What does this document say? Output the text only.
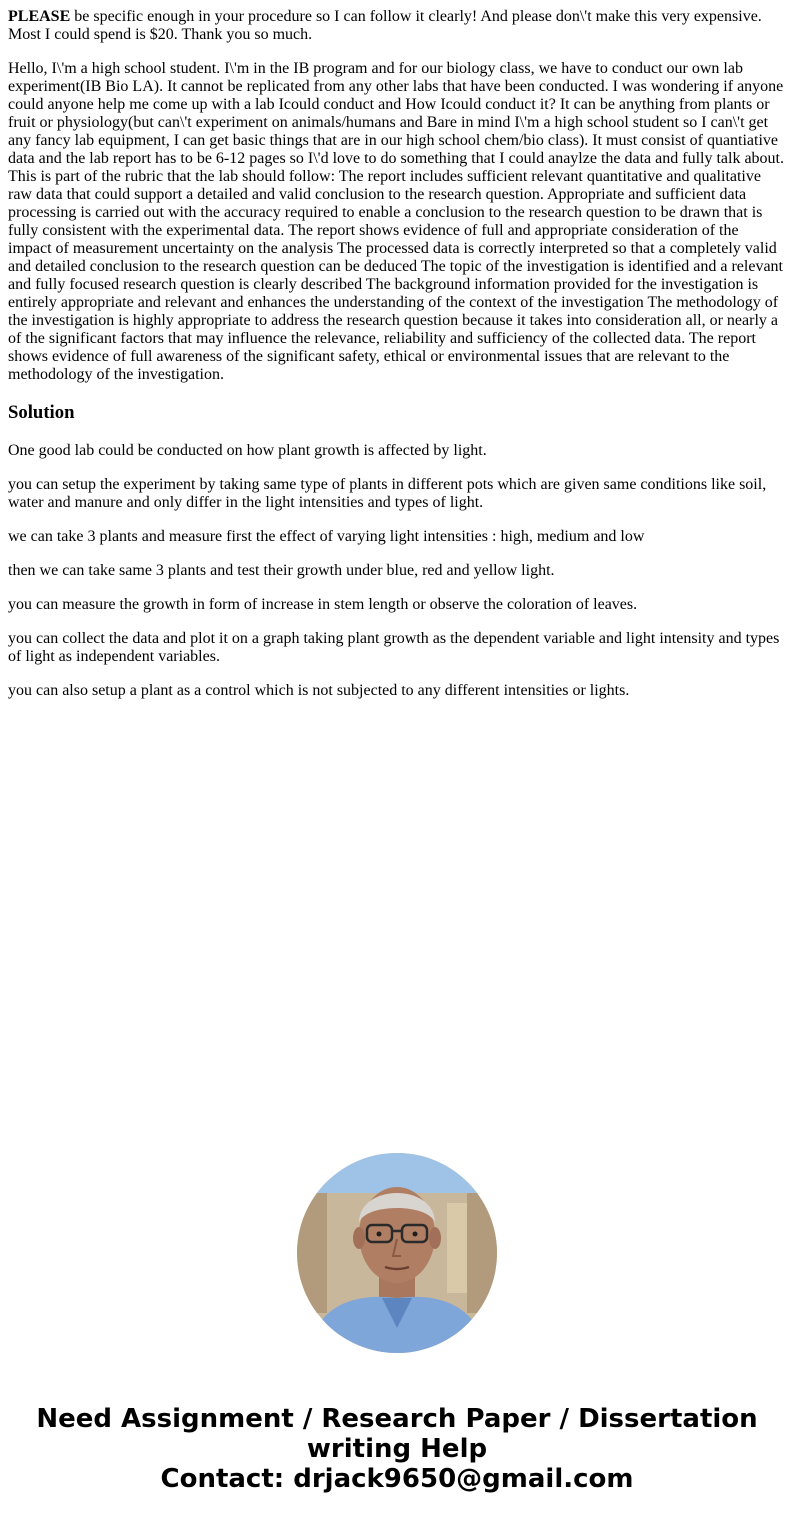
PLEASE be specific enough in your procedure so I can follow it clearly! And please don\'t make this very expensive. Most I could spend is $20. Thank you so much.

Hello, I\'m a high school student. I\'m in the IB program and for our biology class, we have to conduct our own lab experiment(IB Bio LA). It cannot be replicated from any other labs that have been conducted. I was wondering if anyone could anyone help me come up with a lab Icould conduct and How Icould conduct it? It can be anything from plants or fruit or physiology(but can\'t experiment on animals/humans and Bare in mind I\'m a high school student so I can\'t get any fancy lab equipment, I can get basic things that are in our high school chem/bio class). It must consist of quantiative data and the lab report has to be 6-12 pages so I\'d love to do something that I could anaylze the data and fully talk about. This is part of the rubric that the lab should follow: The report includes sufficient relevant quantitative and qualitative raw data that could support a detailed and valid conclusion to the research question. Appropriate and sufficient data processing is carried out with the accuracy required to enable a conclusion to the research question to be drawn that is fully consistent with the experimental data. The report shows evidence of full and appropriate consideration of the impact of measurement uncertainty on the analysis The processed data is correctly interpreted so that a completely valid and detailed conclusion to the research question can be deduced The topic of the investigation is identified and a relevant and fully focused research question is clearly described The background information provided for the investigation is entirely appropriate and relevant and enhances the understanding of the context of the investigation The methodology of the investigation is highly appropriate to address the research question because it takes into consideration all, or nearly a of the significant factors that may influence the relevance, reliability and sufficiency of the collected data. The report shows evidence of full awareness of the significant safety, ethical or environmental issues that are relevant to the methodology of the investigation.

Solution

One good lab could be conducted on how plant growth is affected by light.

you can setup the experiment by taking same type of plants in different pots which are given same conditions like soil, water and manure and only differ in the light intensities and types of light.

we can take 3 plants and measure first the effect of varying light intensities : high, medium and low

then we can take same 3 plants and test their growth under blue, red and yellow light.

you can measure the growth in form of increase in stem length or observe the coloration of leaves.

you can collect the data and plot it on a graph taking plant growth as the dependent variable and light intensity and types of light as independent variables.

you can also setup a plant as a control which is not subjected to any different intensities or lights.

Need Assignment / Research Paper / Dissertation
writing Help
Contact: drjack9650@gmail.com
